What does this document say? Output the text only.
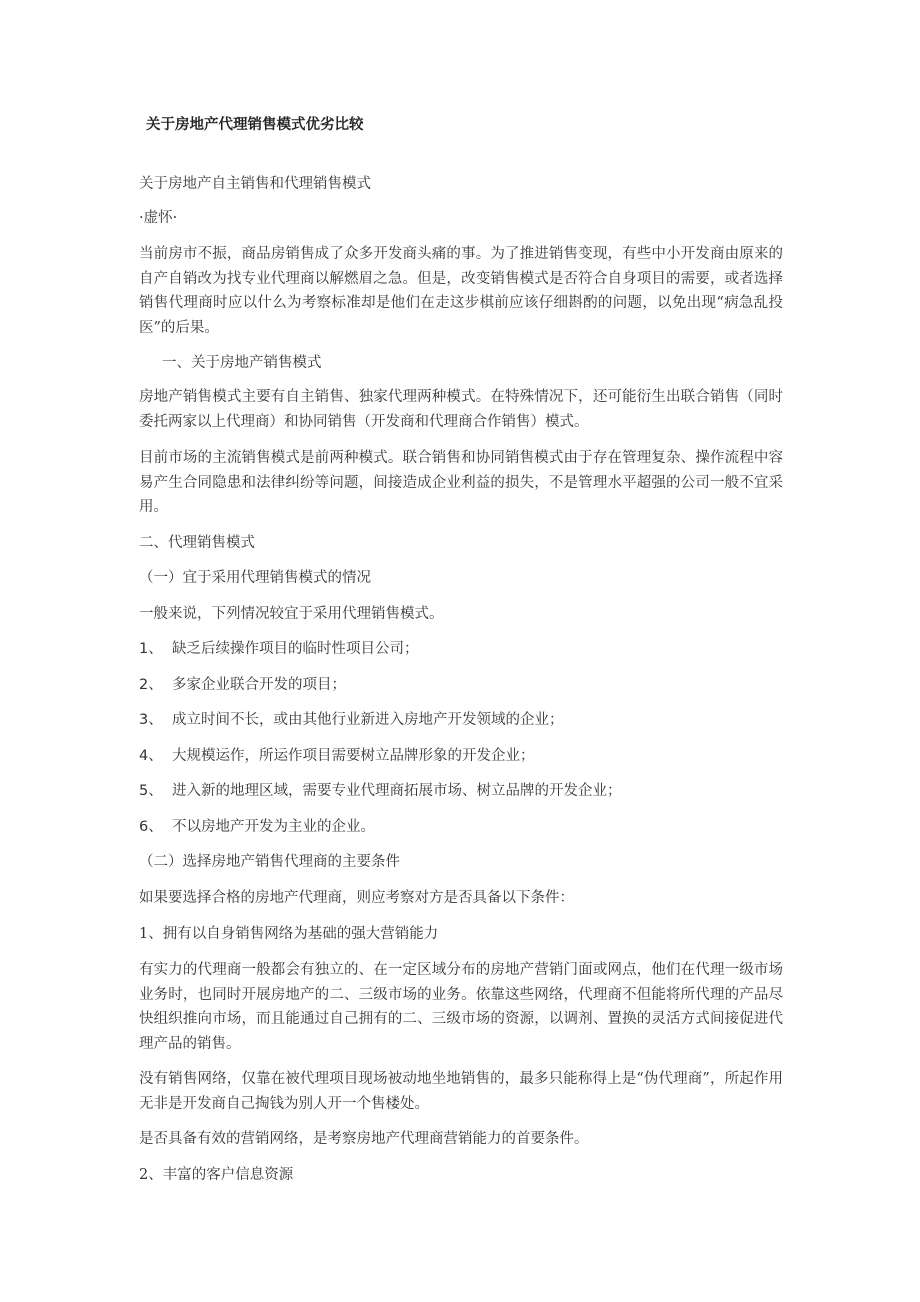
关于房地产代理销售模式优劣比较

关于房地产自主销售和代理销售模式

·虚怀·

当前房市不振，商品房销售成了众多开发商头痛的事。为了推进销售变现，有些中小开发商由原来的自产自销改为找专业代理商以解燃眉之急。但是，改变销售模式是否符合自身项目的需要，或者选择销售代理商时应以什么为考察标准却是他们在走这步棋前应该仔细斟酌的问题，以免出现“病急乱投医”的后果。

一、关于房地产销售模式

房地产销售模式主要有自主销售、独家代理两种模式。在特殊情况下，还可能衍生出联合销售（同时委托两家以上代理商）和协同销售（开发商和代理商合作销售）模式。

目前市场的主流销售模式是前两种模式。联合销售和协同销售模式由于存在管理复杂、操作流程中容易产生合同隐患和法律纠纷等问题，间接造成企业利益的损失，不是管理水平超强的公司一般不宜采用。

二、代理销售模式

（一）宜于采用代理销售模式的情况

一般来说，下列情况较宜于采用代理销售模式。

1、 缺乏后续操作项目的临时性项目公司；

2、 多家企业联合开发的项目；

3、 成立时间不长，或由其他行业新进入房地产开发领域的企业；

4、 大规模运作，所运作项目需要树立品牌形象的开发企业；

5、 进入新的地理区域，需要专业代理商拓展市场、树立品牌的开发企业；

6、 不以房地产开发为主业的企业。

（二）选择房地产销售代理商的主要条件

如果要选择合格的房地产代理商，则应考察对方是否具备以下条件：

1、拥有以自身销售网络为基础的强大营销能力

有实力的代理商一般都会有独立的、在一定区域分布的房地产营销门面或网点，他们在代理一级市场业务时，也同时开展房地产的二、三级市场的业务。依靠这些网络，代理商不但能将所代理的产品尽快组织推向市场，而且能通过自己拥有的二、三级市场的资源，以调剂、置换的灵活方式间接促进代理产品的销售。

没有销售网络，仅靠在被代理项目现场被动地坐地销售的，最多只能称得上是“伪代理商”，所起作用无非是开发商自己掏钱为别人开一个售楼处。

是否具备有效的营销网络，是考察房地产代理商营销能力的首要条件。

2、丰富的客户信息资源
